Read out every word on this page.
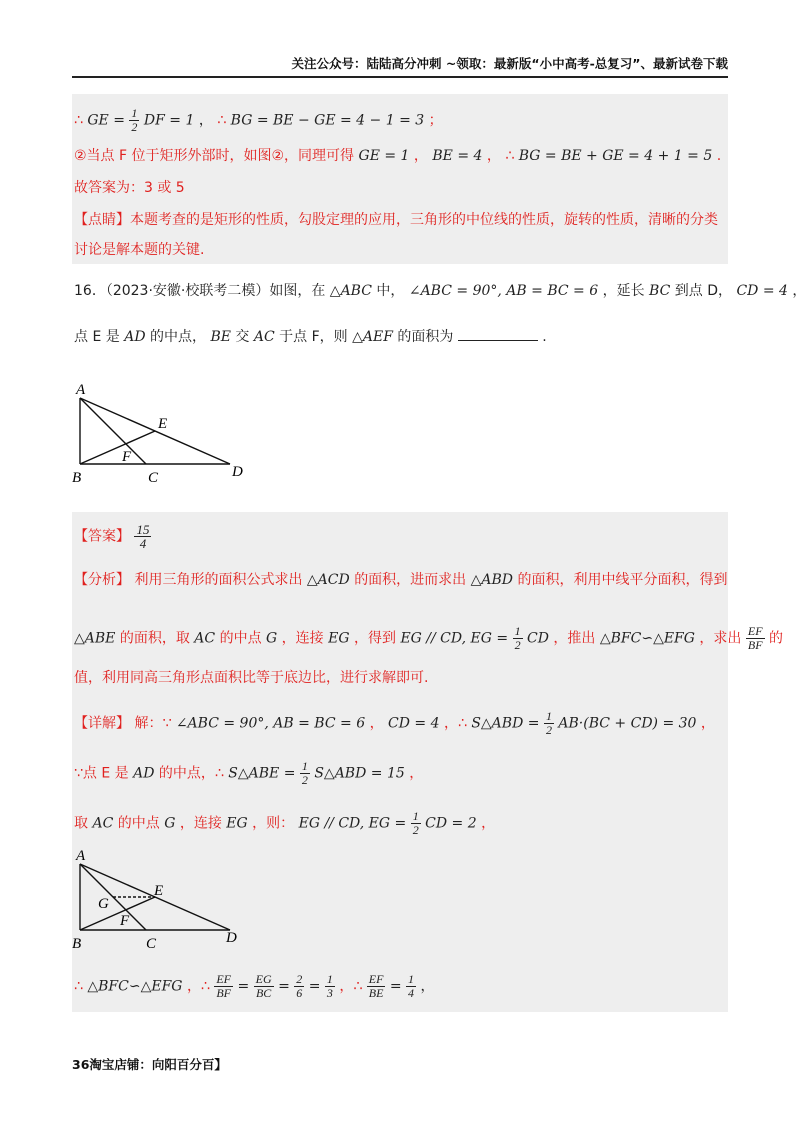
关注公众号：陆陆高分冲刺 ~领取：最新版“小中高考-总复习”、最新试卷下载
∴ GE = $\frac{1}{2}$ DF = 1 ， ∴ BG = BE − GE = 4 − 1 = 3 ；
②当点 F 位于矩形外部时，如图②，同理可得 GE = 1 ， BE = 4 ， ∴ BG = BE + GE = 4 + 1 = 5 .
故答案为：3 或 5
【点睛】本题考查的是矩形的性质，勾股定理的应用，三角形的中位线的性质，旋转的性质，清晰的分类
讨论是解本题的关键.
16．（2023·安徽·校联考二模）如图，在 △ABC 中， ∠ABC = 90°, AB = BC = 6 ，延长 BC 到点 D， CD = 4 ，
点 E 是 AD 的中点， BE 交 AC 于点 F，则 △AEF 的面积为	.
A
B	C	D
E
F
【答案】 $\frac{15}{4}$
【分析】 利用三角形的面积公式求出 △ACD 的面积，进而求出 △ABD 的面积，利用中线平分面积，得到
△ABE 的面积，取 AC 的中点 G ，连接 EG ，得到 EG // CD, EG = $\frac{1}{2}$ CD ，推出 △BFC∽△EFG ，求出 $\frac{EF}{BF}$ 的
值，利用同高三角形点面积比等于底边比，进行求解即可.
【详解】 解：∵ ∠ABC = 90°, AB = BC = 6 ， CD = 4 ，∴ S△ABD = $\frac{1}{2} AB\cdot(BC + CD) = 30$ ，
∵点 E 是 AD 的中点，∴ S△ABE = $\frac{1}{2}$ S△ABD = 15 ，
取 AC 的中点 G ，连接 EG ，则： EG // CD, EG = $\frac{1}{2}$ CD = 2 ，
A
B	C	D
E
F
G
∴ △BFC∽△EFG ，∴ $\frac{EF}{BF} = \frac{EG}{BC} = \frac{2}{6} = \frac{1}{3}$ ，∴ $\frac{EF}{BE} = \frac{1}{4}$ ，
36淘宝店铺：向阳百分百】
